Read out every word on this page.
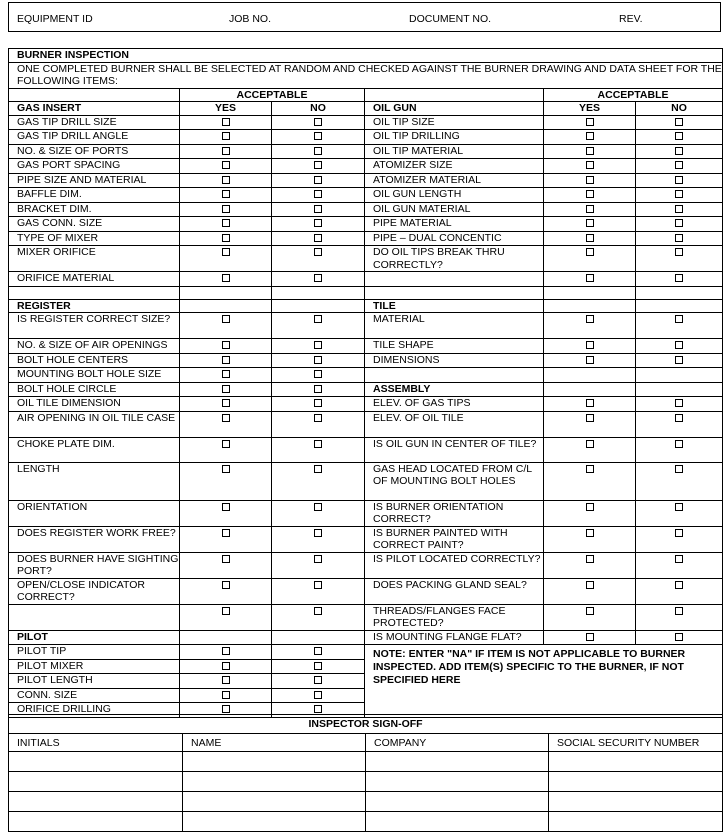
EQUIPMENT ID	JOB NO.	DOCUMENT NO.	REV.
BURNER INSPECTION					
ONE COMPLETED BURNER SHALL BE SELECTED AT RANDOM AND CHECKED AGAINST THE BURNER DRAWING AND DATA SHEET FOR THE FOLLOWING ITEMS:					
	ACCEPTABLE			ACCEPTABLE	
GAS INSERT	YES	NO	OIL GUN	YES	NO
GAS TIP DRILL SIZE			OIL TIP SIZE		
GAS TIP DRILL ANGLE			OIL TIP DRILLING		
NO. & SIZE OF PORTS			OIL TIP MATERIAL		
GAS PORT SPACING			ATOMIZER SIZE		
PIPE SIZE AND MATERIAL			ATOMIZER MATERIAL		
BAFFLE DIM.			OIL GUN LENGTH		
BRACKET DIM.			OIL GUN MATERIAL		
GAS CONN. SIZE			PIPE MATERIAL		
TYPE OF MIXER			PIPE – DUAL CONCENTIC		
MIXER ORIFICE			DO OIL TIPS BREAK THRU CORRECTLY?		
ORIFICE MATERIAL					

REGISTER			TILE		
IS REGISTER CORRECT SIZE?			MATERIAL		
NO. & SIZE OF AIR OPENINGS			TILE SHAPE		
BOLT HOLE CENTERS			DIMENSIONS		
MOUNTING BOLT HOLE SIZE					
BOLT HOLE CIRCLE			ASSEMBLY		
OIL TILE DIMENSION			ELEV. OF GAS TIPS		
AIR OPENING IN OIL TILE CASE			ELEV. OF OIL TILE		
CHOKE PLATE DIM.			IS OIL GUN IN CENTER OF TILE?		
LENGTH			GAS HEAD LOCATED FROM C/L OF MOUNTING BOLT HOLES		
ORIENTATION			IS BURNER ORIENTATION CORRECT?		
DOES REGISTER WORK FREE?			IS BURNER PAINTED WITH CORRECT PAINT?		
DOES BURNER HAVE SIGHTING PORT?			IS PILOT LOCATED CORRECTLY?		
OPEN/CLOSE INDICATOR CORRECT?			DOES PACKING GLAND SEAL?		
			THREADS/FLANGES FACE PROTECTED?		
PILOT			IS MOUNTING FLANGE FLAT?		
PILOT TIP			NOTE: ENTER "NA" IF ITEM IS NOT APPLICABLE TO BURNER INSPECTED. ADD ITEM(S) SPECIFIC TO THE BURNER, IF NOT SPECIFIED HERE		
PILOT MIXER					
PILOT LENGTH					
CONN. SIZE					
ORIFICE DRILLING					
INSPECTOR SIGN-OFF			
INITIALS	NAME	COMPANY	SOCIAL SECURITY NUMBER
